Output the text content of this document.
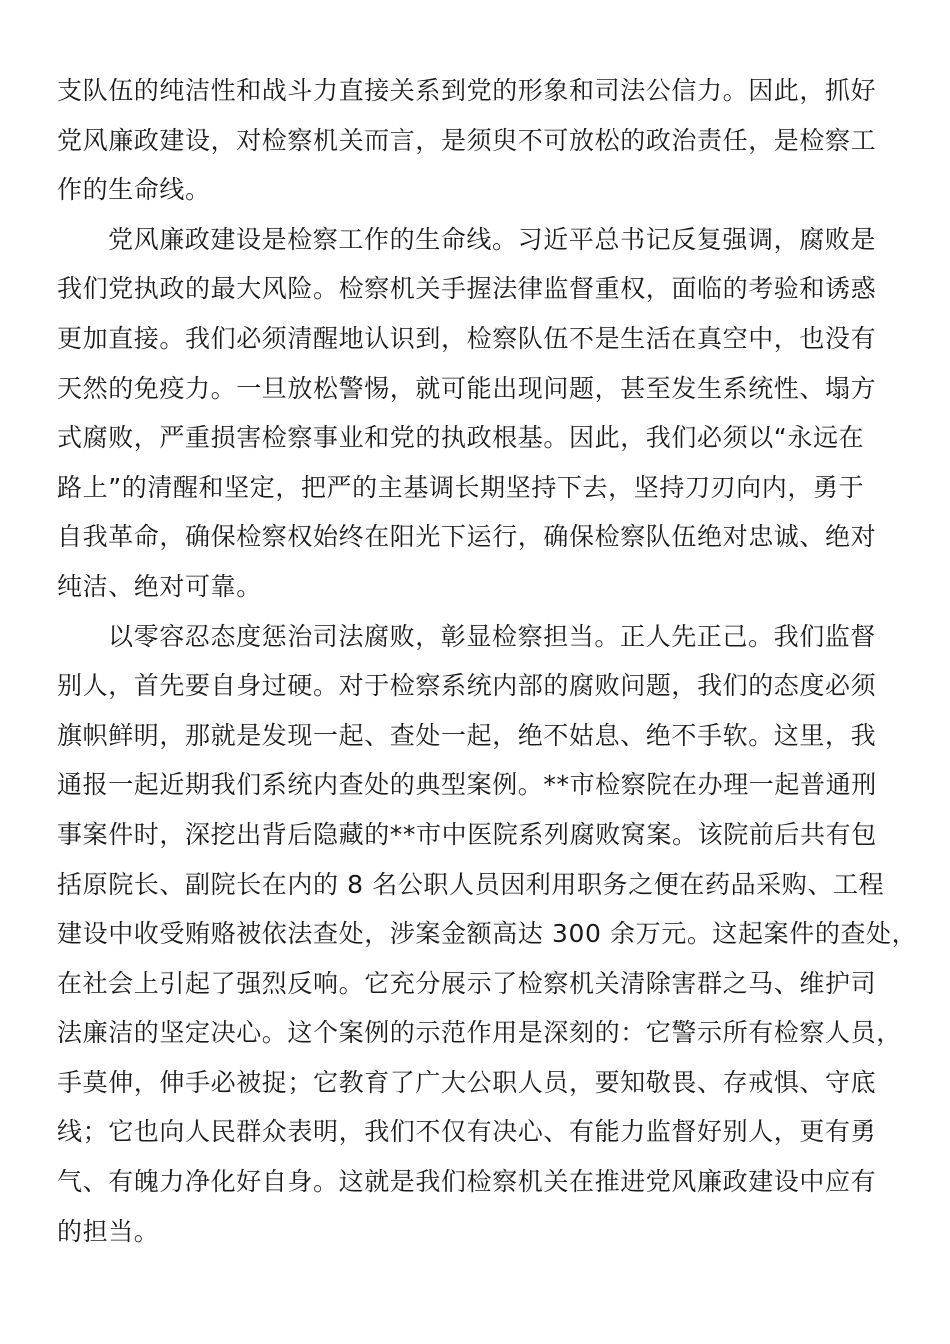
支队伍的纯洁性和战斗力直接关系到党的形象和司法公信力。因此，抓好
党风廉政建设，对检察机关而言，是须臾不可放松的政治责任，是检察工
作的生命线。
党风廉政建设是检察工作的生命线。习近平总书记反复强调，腐败是
我们党执政的最大风险。检察机关手握法律监督重权，面临的考验和诱惑
更加直接。我们必须清醒地认识到，检察队伍不是生活在真空中，也没有
天然的免疫力。一旦放松警惕，就可能出现问题，甚至发生系统性、塌方
式腐败，严重损害检察事业和党的执政根基。因此，我们必须以“永远在
路上”的清醒和坚定，把严的主基调长期坚持下去，坚持刀刃向内，勇于
自我革命，确保检察权始终在阳光下运行，确保检察队伍绝对忠诚、绝对
纯洁、绝对可靠。
以零容忍态度惩治司法腐败，彰显检察担当。正人先正己。我们监督
别人，首先要自身过硬。对于检察系统内部的腐败问题，我们的态度必须
旗帜鲜明，那就是发现一起、查处一起，绝不姑息、绝不手软。这里，我
通报一起近期我们系统内查处的典型案例。**市检察院在办理一起普通刑
事案件时，深挖出背后隐藏的**市中医院系列腐败窝案。该院前后共有包
括原院长、副院长在内的 8 名公职人员因利用职务之便在药品采购、工程
建设中收受贿赂被依法查处，涉案金额高达 300 余万元。这起案件的查处，
在社会上引起了强烈反响。它充分展示了检察机关清除害群之马、维护司
法廉洁的坚定决心。这个案例的示范作用是深刻的：它警示所有检察人员，
手莫伸，伸手必被捉；它教育了广大公职人员，要知敬畏、存戒惧、守底
线；它也向人民群众表明，我们不仅有决心、有能力监督好别人，更有勇
气、有魄力净化好自身。这就是我们检察机关在推进党风廉政建设中应有
的担当。
